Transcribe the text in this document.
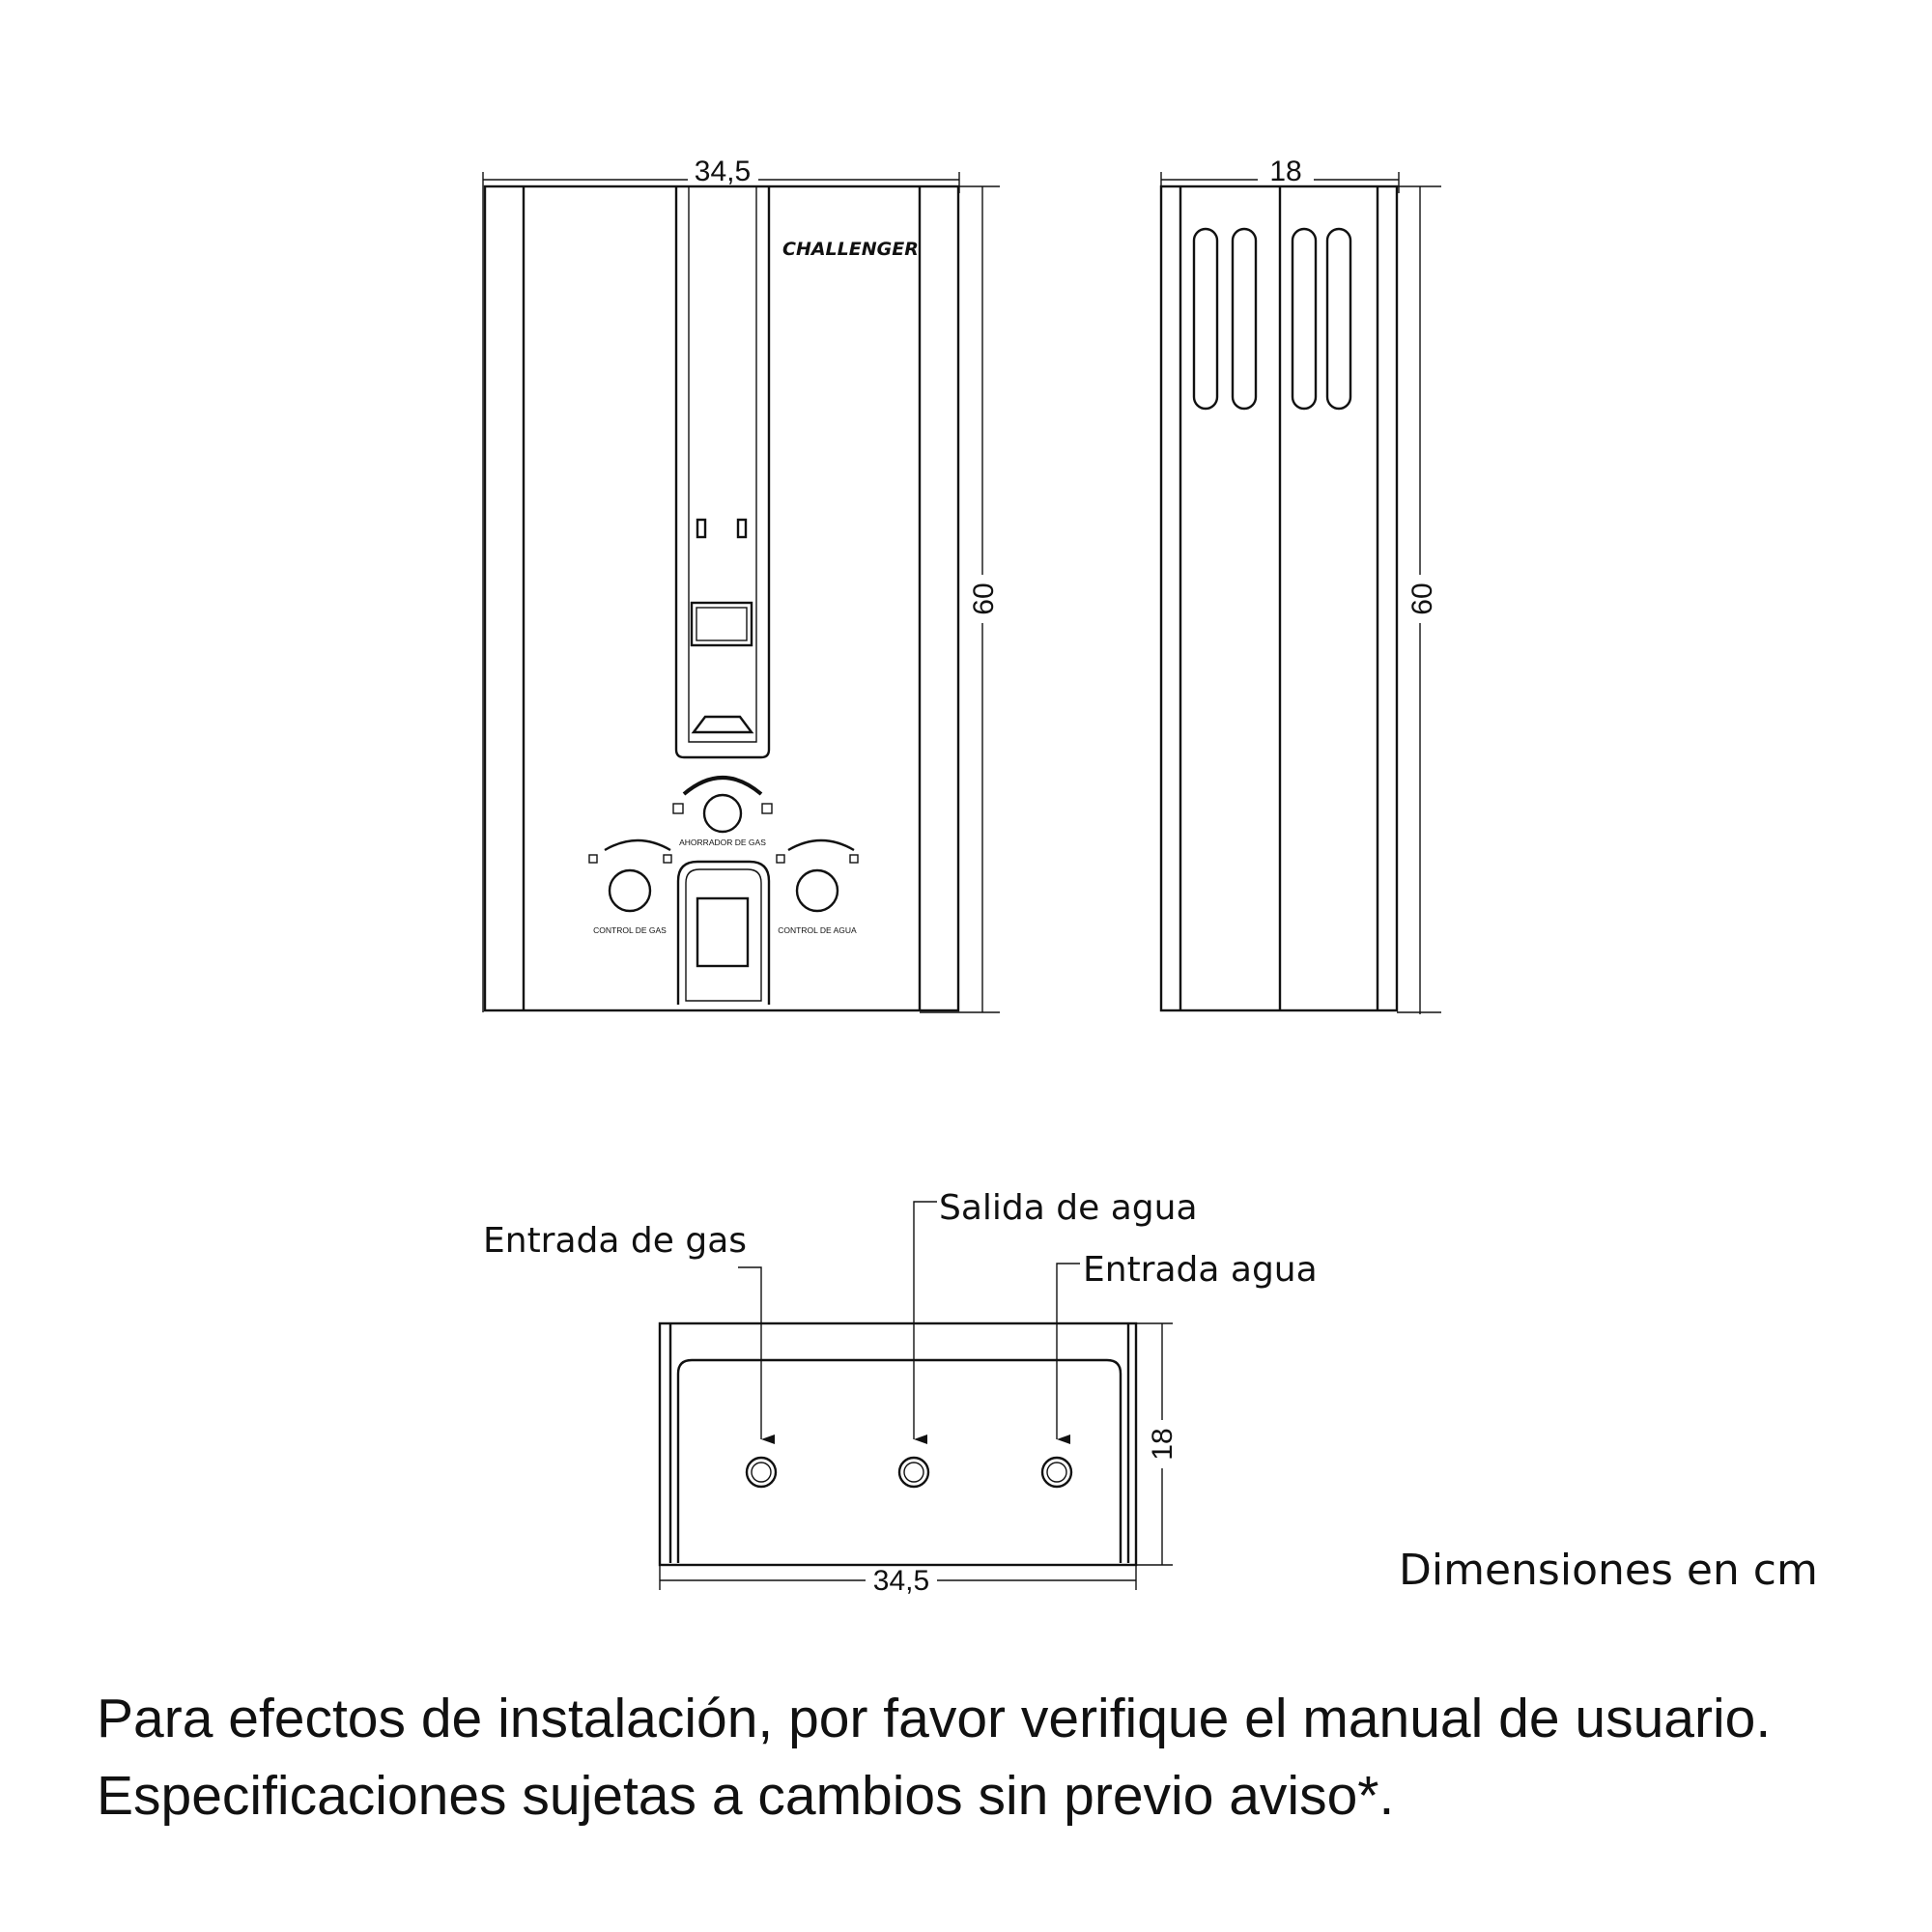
34,5
CHALLENGER
AHORRADOR DE GAS
CONTROL DE GAS	CONTROL DE AGUA
60
18
60
Entrada de gas
Salida de agua
Entrada agua
18
34,5	Dimensiones en cm
Para efectos de instalación, por favor verifique el manual de usuario.
Especificaciones sujetas a cambios sin previo aviso*.
